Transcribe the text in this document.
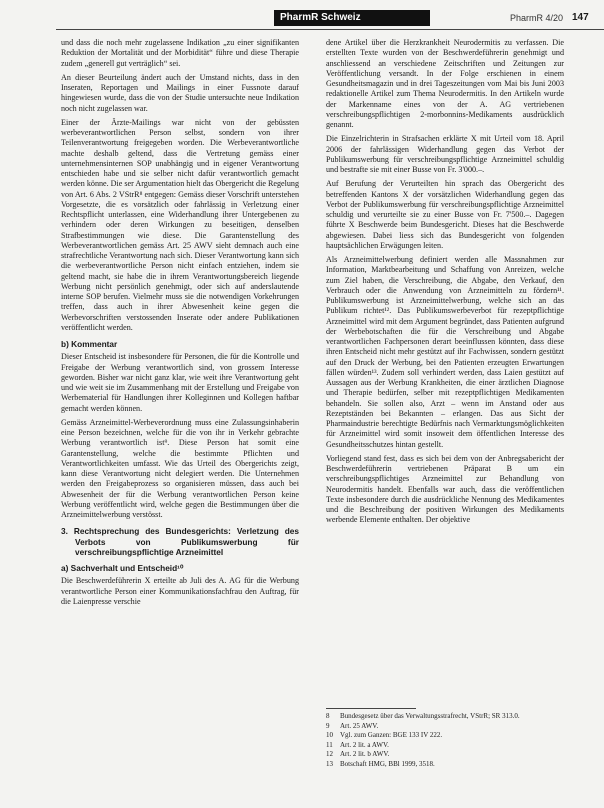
PharmR Schweiz	PharmR 4/20 147

und dass die noch mehr zugelassene Indikation „zu einer signifikanten Reduktion der Mortalität und der Morbidität“ führe und diese Therapie zudem „generell gut verträglich“ sei.

An dieser Beurteilung ändert auch der Umstand nichts, dass in den Inseraten, Reportagen und Mailings in einer Fussnote darauf hingewiesen wurde, dass die von der Studie untersuchte neue Indikation noch nicht zugelassen war.

Einer der Ärzte-Mailings war nicht von der gebüssten werbeverantwortlichen Person selbst, sondern von ihrer Teilenverantwortung freigegeben worden. Die Werbeverantwortliche machte deshalb geltend, dass die Vertretung gemäss einer unternehmensinternen SOP unabhängig und in eigener Verantwortung entschieden habe und sie selber nicht dafür verantwortlich gemacht werden könne. Die ser Argumentation hielt das Obergericht die Regelung von Art. 6 Abs. 2 VStrR⁸ entgegen: Gemäss dieser Vorschrift unterstehen Vorgesetzte, die es vorsätzlich oder fahrlässig in Verletzung einer Rechtspflicht unterlassen, eine Widerhandlung ihrer Untergebenen zu verhindern oder deren Wirkungen zu beseitigen, denselben Strafbestimmungen wie diese. Die Garantenstellung des Werbeverantwortlichen gemäss Art. 25 AWV sieht demnach auch eine strafrechtliche Verantwortung nach sich. Dieser Verantwortung kann sich die werbeverantwortliche Person nicht einfach entziehen, indem sie geltend macht, sie habe die in ihrem Verantwortungsbereich liegende Werbung nicht persönlich genehmigt, oder sich auf anderslautende interne SOP berufen. Vielmehr muss sie die notwendigen Vorkehrungen treffen, dass auch in ihrer Abwesenheit keine gegen die Werbevorschriften verstossenden Inserate oder andere Publikationen veröffentlicht werden.

b) Kommentar

Dieser Entscheid ist insbesondere für Personen, die für die Kontrolle und Freigabe der Werbung verantwortlich sind, von grossem Interesse geworden. Bisher war nicht ganz klar, wie weit ihre Verantwortung geht und wie weit sie im Zusammenhang mit der Erstellung und Freigabe von Werbematerial für Handlungen ihrer Kolleginnen und Kollegen haftbar gemacht werden können.

Gemäss Arzneimittel-Werbeverordnung muss eine Zulassungsinhaberin eine Person bezeichnen, welche für die von ihr in Verkehr gebrachte Werbung verantwortlich ist⁹. Diese Person hat somit eine Garantenstellung, welche die bestimmte Pflichten und Verantwortlichkeiten umfasst. Wie das Urteil des Obergerichts zeigt, kann diese Verantwortung nicht delegiert werden. Die Unternehmen werden den Freigabeprozess so organisieren müssen, dass auch bei Abwesenheit der für die Werbung verantwortlichen Person keine Werbung veröffentlicht wird, welche gegen die Bestimmungen über die Arzneimittelwerbung verstösst.

3. Rechtsprechung des Bundesgerichts: Verletzung des Verbots von Publikumswerbung für verschreibungspflichtige Arzneimittel
a) Sachverhalt und Entscheid¹⁰

Die Beschwerdeführerin X erteilte ab Juli des A. AG für die Werbung verantwortliche Person einer Kommunikationsfachfrau den Auftrag, für die Laienpresse verschie

dene Artikel über die Herzkrankheit Neurodermitis zu verfassen. Die erstellten Texte wurden von der Beschwerdeführerin genehmigt und anschliessend an verschiedene Zeitschriften und Zeitungen zur Veröffentlichung versandt. In der Folge erschienen in einem Gesundheitsmagazin und in drei Tageszeitungen vom Mai bis Juni 2003 redaktionelle Artikel zum Thema Neurodermitis. In den Artikeln wurde der Markenname eines von der A. AG vertriebenen verschreibungspflichtigen 2-morbonnins-Medikaments ausdrücklich genannt.

Die Einzelrichterin in Strafsachen erklärte X mit Urteil vom 18. April 2006 der fahrlässigen Widerhandlung gegen das Verbot der Publikumswerbung für verschreibungspflichtige Arzneimittel schuldig und bestrafte sie mit einer Busse von Fr. 3'000.–.

Auf Berufung der Verurteilten hin sprach das Obergericht des betreffenden Kantons X der vorsätzlichen Widerhandlung gegen das Verbot der Publikumswerbung für verschreibungspflichtige Arzneimittel schuldig und verurteilte sie zu einer Busse von Fr. 7'500.–. Dagegen führte X Beschwerde beim Bundesgericht. Dieses hat die Beschwerde abgewiesen. Dabei liess sich das Bundesgericht von folgenden hauptsächlichen Erwägungen leiten.

Als Arzneimittelwerbung definiert werden alle Massnahmen zur Information, Marktbearbeitung und Schaffung von Anreizen, welche zum Ziel haben, die Verschreibung, die Abgabe, den Verkauf, den Verbrauch oder die Anwendung von Arzneimitteln zu fördern¹¹. Publikumswerbung ist Arzneimittelwerbung, welche sich an das Publikum richtet¹². Das Publikumswerbeverbot für rezeptpflichtige Arzneimittel wird mit dem Argument begründet, dass Patienten aufgrund der Werbebotschaften die für die Verschreibung und Abgabe verantwortlichen Fachpersonen derart beeinflussen könnten, dass diese ihren Entscheid nicht mehr gestützt auf ihr Fachwissen, sondern gestützt auf den Druck der Werbung, bei den Patienten erzeugten Erwartungen fällen würden¹³. Zudem soll verhindert werden, dass Laien gestützt auf Aussagen aus der Werbung Krankheiten, die einer ärztlichen Diagnose und Therapie bedürfen, selber mit rezeptpflichtigen Medikamenten behandeln. Sie sollen also, Arzt – wenn im Anstand oder aus Rezeptständen bei Bekannten – erlangen. Das aus Sicht der Pharmaindustrie berechtigte Bedürfnis nach Vermarktungsmöglichkeiten für Arzneimittel wird somit insoweit dem öffentlichen Interesse des Gesundheitsschutzes hintan gestellt.

Vorliegend stand fest, dass es sich bei dem von der Anbregsabericht der Beschwerdeführerin vertriebenen Präparat B um ein verschreibungspflichtiges Arzneimittel zur Behandlung von Neurodermitis handelt. Ebenfalls war auch, dass die veröffentlichen Texte insbesondere durch die ausdrückliche Nennung des Medikamentes und die Beschreibung der positiven Wirkungen des Medikaments werbende Elemente enthalten. Der objektive

8	Bundesgesetz über das Verwaltungsstrafrecht, VStrR; SR 313.0.
9	Art. 25 AWV.
10	Vgl. zum Ganzen: BGE 133 IV 222.
11	Art. 2 lit. a AWV.
12	Art. 2 lit. b AWV.
13	Botschaft HMG, BBl 1999, 3518.
